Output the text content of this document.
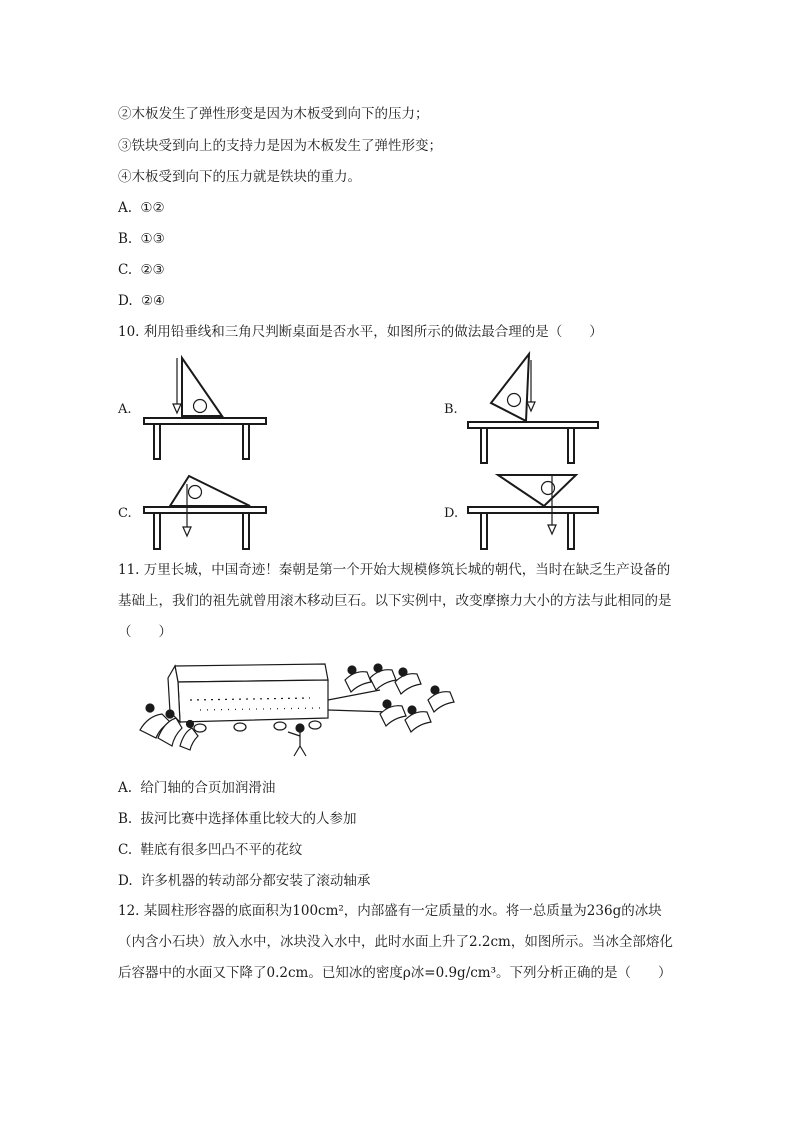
②木板发生了弹性形变是因为木板受到向下的压力；
③铁块受到向上的支持力是因为木板发生了弹性形变；
④木板受到向下的压力就是铁块的重力。
A. ①②
B. ①③
C. ②③
D. ②④
10. 利用铅垂线和三角尺判断桌面是否水平，如图所示的做法最合理的是（　　）
A.	B.
C.	D.
11. 万里长城，中国奇迹！秦朝是第一个开始大规模修筑长城的朝代，当时在缺乏生产设备的基础上，我们的祖先就曾用滚木移动巨石。以下实例中，改变摩擦力大小的方法与此相同的是（　　）
A. 给门轴的合页加润滑油
B. 拔河比赛中选择体重比较大的人参加
C. 鞋底有很多凹凸不平的花纹
D. 许多机器的转动部分都安装了滚动轴承
12. 某圆柱形容器的底面积为100cm²，内部盛有一定质量的水。将一总质量为236g的冰块（内含小石块）放入水中，冰块没入水中，此时水面上升了2.2cm，如图所示。当冰全部熔化后容器中的水面又下降了0.2cm。已知冰的密度ρ冰=0.9g/cm³。下列分析正确的是（　　）
